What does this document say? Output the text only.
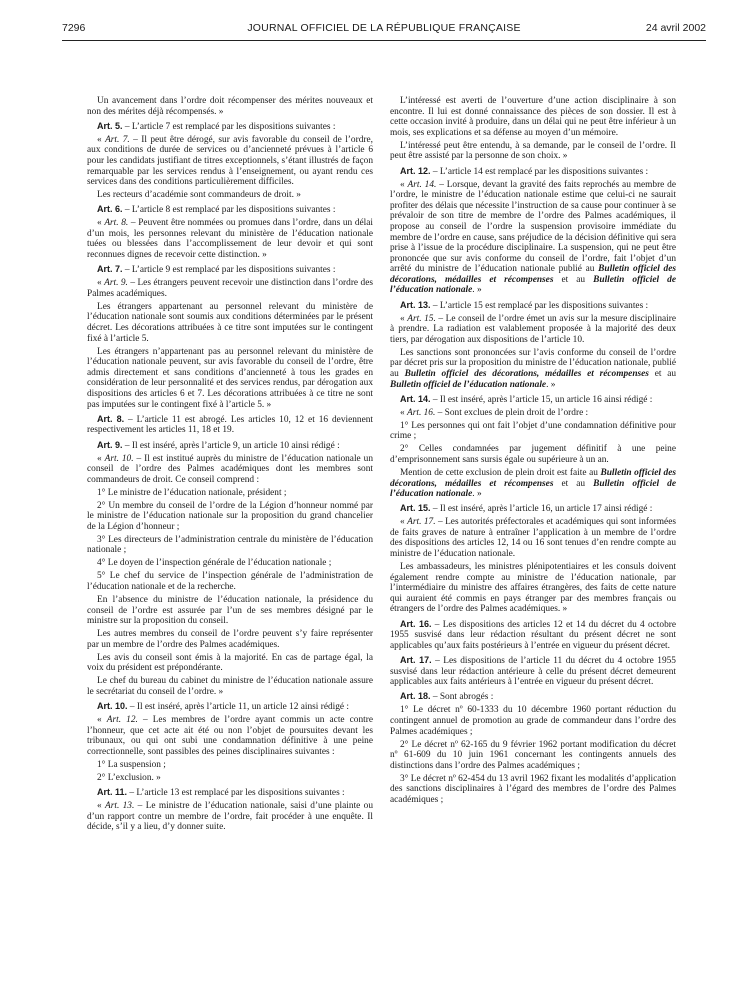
7296	JOURNAL OFFICIEL DE LA RÉPUBLIQUE FRANÇAISE	24 avril 2002

Un avancement dans l’ordre doit récompenser des mérites nouveaux et non des mérites déjà récompensés. »

Art. 5. – L’article 7 est remplacé par les dispositions suivantes :

« Art. 7. – Il peut être dérogé, sur avis favorable du conseil de l’ordre, aux conditions de durée de services ou d’ancienneté prévues à l’article 6 pour les candidats justifiant de titres exceptionnels, s’étant illustrés de façon remarquable par les services rendus à l’enseignement, ou ayant rendu ces services dans des conditions particulièrement difficiles.

Les recteurs d’académie sont commandeurs de droit. »

Art. 6. – L’article 8 est remplacé par les dispositions suivantes :

« Art. 8. – Peuvent être nommées ou promues dans l’ordre, dans un délai d’un mois, les personnes relevant du ministère de l’éducation nationale tuées ou blessées dans l’accomplissement de leur devoir et qui sont reconnues dignes de recevoir cette distinction. »

Art. 7. – L’article 9 est remplacé par les dispositions suivantes :

« Art. 9. – Les étrangers peuvent recevoir une distinction dans l’ordre des Palmes académiques.

Les étrangers appartenant au personnel relevant du ministère de l’éducation nationale sont soumis aux conditions déterminées par le présent décret. Les décorations attribuées à ce titre sont imputées sur le contingent fixé à l’article 5.

Les étrangers n’appartenant pas au personnel relevant du ministère de l’éducation nationale peuvent, sur avis favorable du conseil de l’ordre, être admis directement et sans conditions d’ancienneté à tous les grades en considération de leur personnalité et des services rendus, par dérogation aux dispositions des articles 6 et 7. Les décorations attribuées à ce titre ne sont pas imputées sur le contingent fixé à l’article 5. »

Art. 8. – L’article 11 est abrogé. Les articles 10, 12 et 16 deviennent respectivement les articles 11, 18 et 19.

Art. 9. – Il est inséré, après l’article 9, un article 10 ainsi rédigé :

« Art. 10. – Il est institué auprès du ministre de l’éducation nationale un conseil de l’ordre des Palmes académiques dont les membres sont commandeurs de droit. Ce conseil comprend :

1° Le ministre de l’éducation nationale, président ;

2° Un membre du conseil de l’ordre de la Légion d’honneur nommé par le ministre de l’éducation nationale sur la proposition du grand chancelier de la Légion d’honneur ;

3° Les directeurs de l’administration centrale du ministère de l’éducation nationale ;

4° Le doyen de l’inspection générale de l’éducation nationale ;

5° Le chef du service de l’inspection générale de l’administration de l’éducation nationale et de la recherche.

En l’absence du ministre de l’éducation nationale, la présidence du conseil de l’ordre est assurée par l’un de ses membres désigné par le ministre sur la proposition du conseil.

Les autres membres du conseil de l’ordre peuvent s’y faire représenter par un membre de l’ordre des Palmes académiques.

Les avis du conseil sont émis à la majorité. En cas de partage égal, la voix du président est prépondérante.

Le chef du bureau du cabinet du ministre de l’éducation nationale assure le secrétariat du conseil de l’ordre. »

Art. 10. – Il est inséré, après l’article 11, un article 12 ainsi rédigé :

« Art. 12. – Les membres de l’ordre ayant commis un acte contre l’honneur, que cet acte ait été ou non l’objet de poursuites devant les tribunaux, ou qui ont subi une condamnation définitive à une peine correctionnelle, sont passibles des peines disciplinaires suivantes :

1° La suspension ;

2° L’exclusion. »

Art. 11. – L’article 13 est remplacé par les dispositions suivantes :

« Art. 13. – Le ministre de l’éducation nationale, saisi d’une plainte ou d’un rapport contre un membre de l’ordre, fait procéder à une enquête. Il décide, s’il y a lieu, d’y donner suite.

L’intéressé est averti de l’ouverture d’une action disciplinaire à son encontre. Il lui est donné connaissance des pièces de son dossier. Il est à cette occasion invité à produire, dans un délai qui ne peut être inférieur à un mois, ses explications et sa défense au moyen d’un mémoire.

L’intéressé peut être entendu, à sa demande, par le conseil de l’ordre. Il peut être assisté par la personne de son choix. »

Art. 12. – L’article 14 est remplacé par les dispositions suivantes :

« Art. 14. – Lorsque, devant la gravité des faits reprochés au membre de l’ordre, le ministre de l’éducation nationale estime que celui-ci ne saurait profiter des délais que nécessite l’instruction de sa cause pour continuer à se prévaloir de son titre de membre de l’ordre des Palmes académiques, il propose au conseil de l’ordre la suspension provisoire immédiate du membre de l’ordre en cause, sans préjudice de la décision définitive qui sera prise à l’issue de la procédure disciplinaire. La suspension, qui ne peut être prononcée que sur avis conforme du conseil de l’ordre, fait l’objet d’un arrêté du ministre de l’éducation nationale publié au Bulletin officiel des décorations, médailles et récompenses et au Bulletin officiel de l’éducation nationale. »

Art. 13. – L’article 15 est remplacé par les dispositions suivantes :

« Art. 15. – Le conseil de l’ordre émet un avis sur la mesure disciplinaire à prendre. La radiation est valablement proposée à la majorité des deux tiers, par dérogation aux dispositions de l’article 10.

Les sanctions sont prononcées sur l’avis conforme du conseil de l’ordre par décret pris sur la proposition du ministre de l’éducation nationale, publié au Bulletin officiel des décorations, médailles et récompenses et au Bulletin officiel de l’éducation nationale. »

Art. 14. – Il est inséré, après l’article 15, un article 16 ainsi rédigé :

« Art. 16. – Sont exclues de plein droit de l’ordre :

1° Les personnes qui ont fait l’objet d’une condamnation définitive pour crime ;

2° Celles condamnées par jugement définitif à une peine d’emprisonnement sans sursis égale ou supérieure à un an.

Mention de cette exclusion de plein droit est faite au Bulletin officiel des décorations, médailles et récompenses et au Bulletin officiel de l’éducation nationale. »

Art. 15. – Il est inséré, après l’article 16, un article 17 ainsi rédigé :

« Art. 17. – Les autorités préfectorales et académiques qui sont informées de faits graves de nature à entraîner l’application à un membre de l’ordre des dispositions des articles 12, 14 ou 16 sont tenues d’en rendre compte au ministre de l’éducation nationale.

Les ambassadeurs, les ministres plénipotentiaires et les consuls doivent également rendre compte au ministre de l’éducation nationale, par l’intermédiaire du ministre des affaires étrangères, des faits de cette nature qui auraient été commis en pays étranger par des membres français ou étrangers de l’ordre des Palmes académiques. »

Art. 16. – Les dispositions des articles 12 et 14 du décret du 4 octobre 1955 susvisé dans leur rédaction résultant du présent décret ne sont applicables qu’aux faits postérieurs à l’entrée en vigueur du présent décret.

Art. 17. – Les dispositions de l’article 11 du décret du 4 octobre 1955 susvisé dans leur rédaction antérieure à celle du présent décret demeurent applicables aux faits antérieurs à l’entrée en vigueur du présent décret.

Art. 18. – Sont abrogés :

1° Le décret nº 60-1333 du 10 décembre 1960 portant réduction du contingent annuel de promotion au grade de commandeur dans l’ordre des Palmes académiques ;

2° Le décret nº 62-165 du 9 février 1962 portant modification du décret nº 61-609 du 10 juin 1961 concernant les contingents annuels des distinctions dans l’ordre des Palmes académiques ;

3° Le décret nº 62-454 du 13 avril 1962 fixant les modalités d’application des sanctions disciplinaires à l’égard des membres de l’ordre des Palmes académiques ;
